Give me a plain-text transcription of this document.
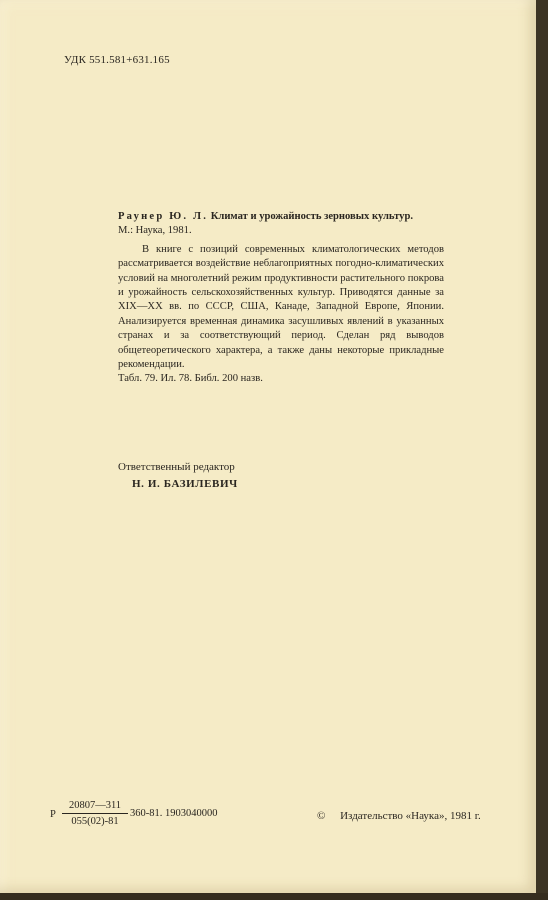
УДК 551.581+631.165
Раунер Ю. Л. Климат и урожайность зерновых культур.
М.: Наука, 1981.

В книге с позиций современных климатологических методов рассматривается воздействие неблагоприятных погодно-климатических условий на многолетний режим продуктивности растительного покрова и урожайность сельскохозяйственных культур. Приводятся данные за XIX—XX вв. по СССР, США, Канаде, Западной Европе, Японии. Анализируется временная динамика засушливых явлений в указанных странах и за соответствующий период. Сделан ряд выводов общетеоретического характера, а также даны некоторые прикладные рекомендации.

Табл. 79. Ил. 78. Библ. 200 назв.

Ответственный редактор
Н. И. БАЗИЛЕВИЧ
Р
20807—311
055(02)-81
360-81. 1903040000	© Издательство «Наука», 1981 г.
